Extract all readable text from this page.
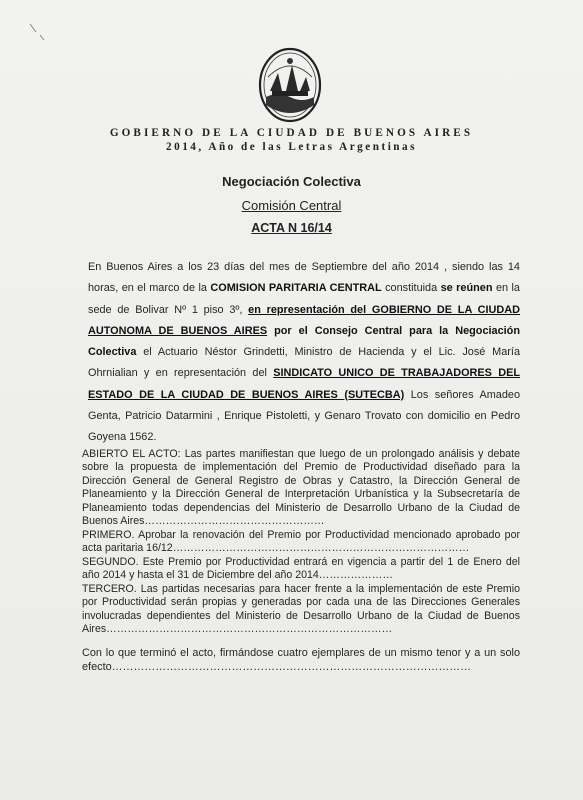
GOBIERNO DE LA CIUDAD DE BUENOS AIRES
2014, Año de las Letras Argentinas
Negociación Colectiva
Comisión Central
ACTA N 16/14
En Buenos Aires a los 23 días del mes de Septiembre del año 2014 , siendo las 14 horas, en el marco de la COMISION PARITARIA CENTRAL constituida se reúnen en la sede de Bolivar Nº 1 piso 3º, en representación del GOBIERNO DE LA CIUDAD AUTONOMA DE BUENOS AIRES por el Consejo Central para la Negociación Colectiva el Actuario Néstor Grindetti, Ministro de Hacienda y el Lic. José María Ohrnialian y en representación del SINDICATO UNICO DE TRABAJADORES DEL ESTADO DE LA CIUDAD DE BUENOS AIRES (SUTECBA) Los señores Amadeo Genta, Patricio Datarmini , Enrique Pistoletti, y Genaro Trovato con domicilio en Pedro Goyena 1562.
ABIERTO EL ACTO: Las partes manifiestan que luego de un prolongado análisis y debate sobre la propuesta de implementación del Premio de Productividad diseñado para la Dirección General de General Registro de Obras y Catastro, la Dirección General de Planeamiento y la Dirección General de Interpretación Urbanística y la Subsecretaría de Planeamiento todas dependencias del Ministerio de Desarrollo Urbano de la Ciudad de Buenos Aires……………………………………………
PRIMERO. Aprobar la renovación del Premio por Productividad mencionado aprobado por acta paritaria 16/12…………………………………………………………………………
SEGUNDO. Este Premio por Productividad entrará en vigencia a partir del 1 de Enero del año 2014 y hasta el 31 de Diciembre del año 2014…………………
TERCERO. Las partidas necesarias para hacer frente a la implementación de este Premio por Productividad serán propias y generadas por cada una de las Direcciones Generales involucradas dependientes del Ministerio de Desarrollo Urbano de la Ciudad de Buenos Aires………………………………………………………………………
Con lo que terminó el acto, firmándose cuatro ejemplares de un mismo tenor y a un solo efecto………………………………………………………………………………………
